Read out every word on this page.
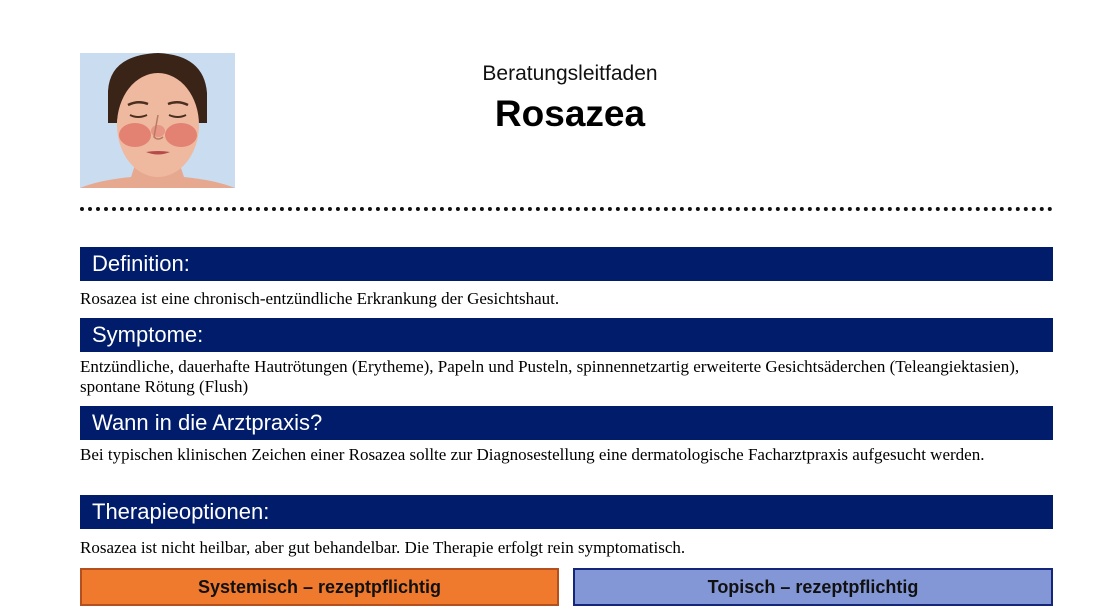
Beratungsleitfaden
Rosazea
Definition:
Rosazea ist eine chronisch-entzündliche Erkrankung der Gesichtshaut.
Symptome:
Entzündliche, dauerhafte Hautrötungen (Erytheme), Papeln und Pusteln, spinnennetzartig erweiterte Gesichtsäderchen (Teleangiektasien), spontane Rötung (Flush)
Wann in die Arztpraxis?
Bei typischen klinischen Zeichen einer Rosazea sollte zur Diagnosestellung eine dermatologische Facharztpraxis aufgesucht werden.
Therapieoptionen:
Rosazea ist nicht heilbar, aber gut behandelbar. Die Therapie erfolgt rein symptomatisch.
Systemisch – rezeptpflichtig	Topisch – rezeptpflichtig
